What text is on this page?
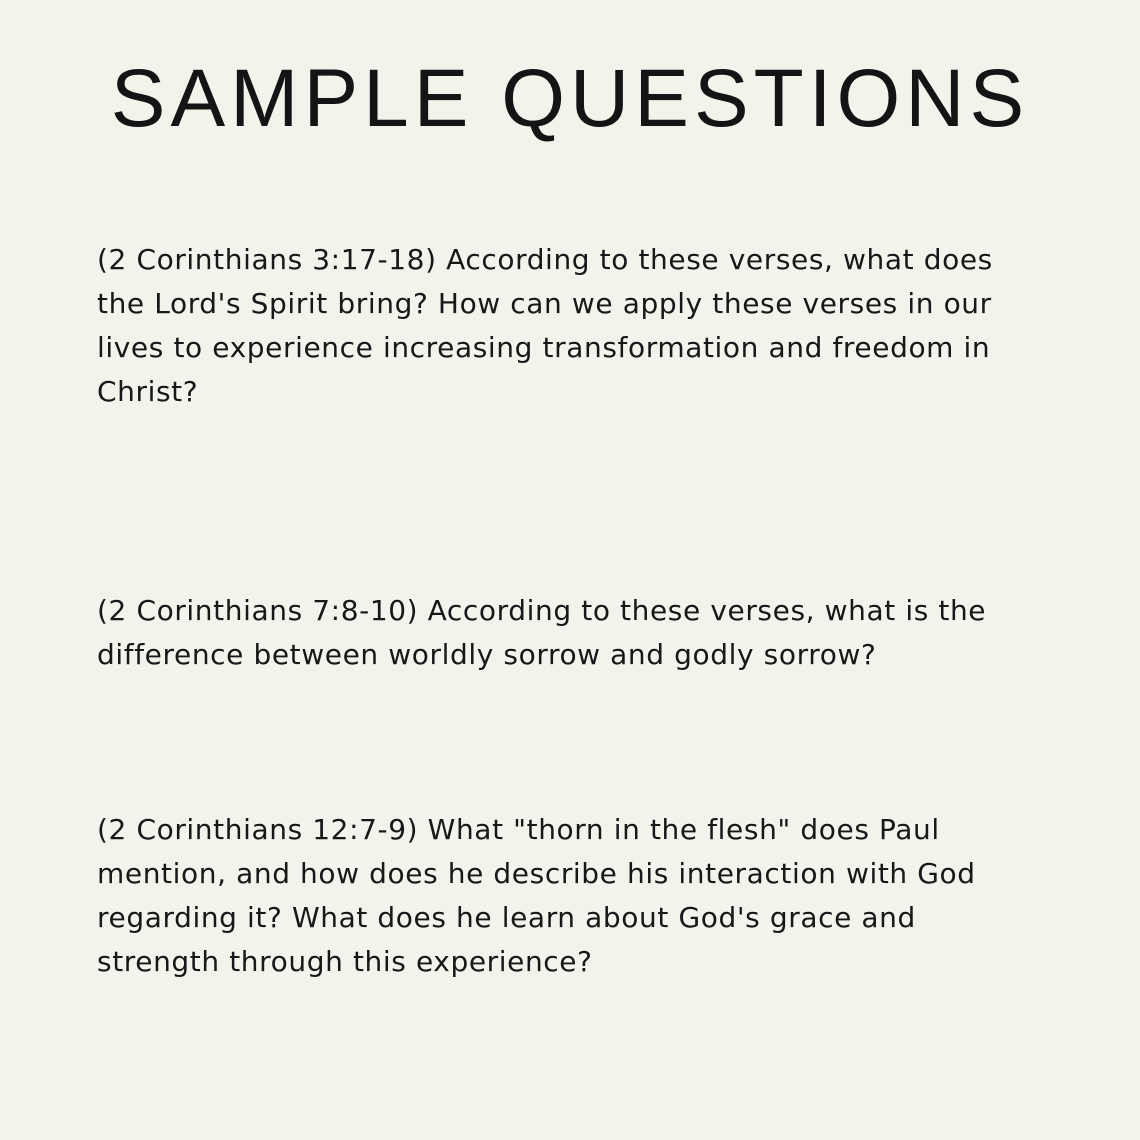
SAMPLE QUESTIONS

(2 Corinthians 3:17-18) According to these verses, what does the Lord's Spirit bring? How can we apply these verses in our lives to experience increasing transformation and freedom in Christ?

(2 Corinthians 7:8-10) According to these verses, what is the difference between worldly sorrow and godly sorrow?

(2 Corinthians 12:7-9) What "thorn in the flesh" does Paul mention, and how does he describe his interaction with God regarding it? What does he learn about God's grace and strength through this experience?
